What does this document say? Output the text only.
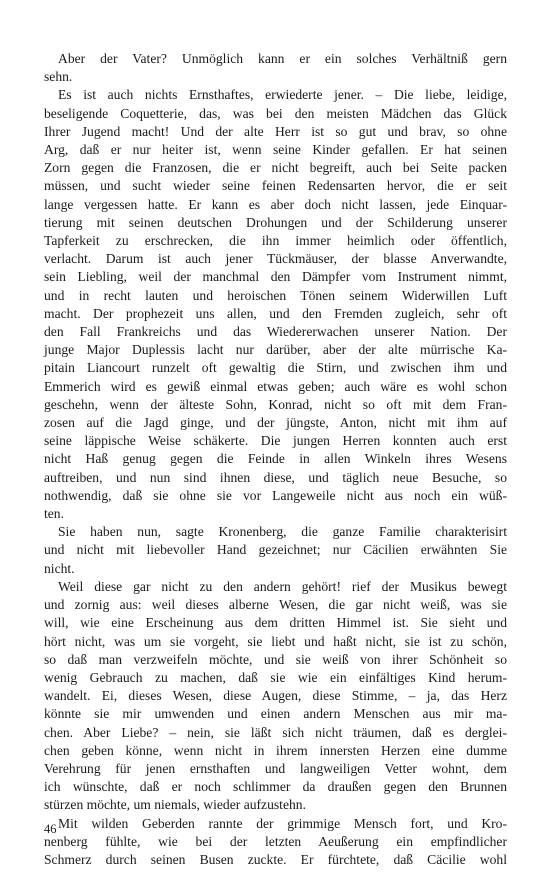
Aber der Vater? Unmöglich kann er ein solches Verhältniß gern
sehn.
Es ist auch nichts Ernsthaftes, erwiederte jener. – Die liebe, leidige,
beseligende Coquetterie, das, was bei den meisten Mädchen das Glück
Ihrer Jugend macht! Und der alte Herr ist so gut und brav, so ohne
Arg, daß er nur heiter ist, wenn seine Kinder gefallen. Er hat seinen
Zorn gegen die Franzosen, die er nicht begreift, auch bei Seite packen
müssen, und sucht wieder seine feinen Redensarten hervor, die er seit
lange vergessen hatte. Er kann es aber doch nicht lassen, jede Einquar-
tierung mit seinen deutschen Drohungen und der Schilderung unserer
Tapferkeit zu erschrecken, die ihn immer heimlich oder öffentlich,
verlacht. Darum ist auch jener Tückmäuser, der blasse Anverwandte,
sein Liebling, weil der manchmal den Dämpfer vom Instrument nimmt,
und in recht lauten und heroischen Tönen seinem Widerwillen Luft
macht. Der prophezeit uns allen, und den Fremden zugleich, sehr oft
den Fall Frankreichs und das Wiedererwachen unserer Nation. Der
junge Major Duplessis lacht nur darüber, aber der alte mürrische Ka-
pitain Liancourt runzelt oft gewaltig die Stirn, und zwischen ihm und
Emmerich wird es gewiß einmal etwas geben; auch wäre es wohl schon
geschehn, wenn der älteste Sohn, Konrad, nicht so oft mit dem Fran-
zosen auf die Jagd ginge, und der jüngste, Anton, nicht mit ihm auf
seine läppische Weise schäkerte. Die jungen Herren konnten auch erst
nicht Haß genug gegen die Feinde in allen Winkeln ihres Wesens
auftreiben, und nun sind ihnen diese, und täglich neue Besuche, so
nothwendig, daß sie ohne sie vor Langeweile nicht aus noch ein wüß-
ten.
Sie haben nun, sagte Kronenberg, die ganze Familie charakterisirt
und nicht mit liebevoller Hand gezeichnet; nur Cäcilien erwähnten Sie
nicht.
Weil diese gar nicht zu den andern gehört! rief der Musikus bewegt
und zornig aus: weil dieses alberne Wesen, die gar nicht weiß, was sie
will, wie eine Erscheinung aus dem dritten Himmel ist. Sie sieht und
hört nicht, was um sie vorgeht, sie liebt und haßt nicht, sie ist zu schön,
so daß man verzweifeln möchte, und sie weiß von ihrer Schönheit so
wenig Gebrauch zu machen, daß sie wie ein einfältiges Kind herum-
wandelt. Ei, dieses Wesen, diese Augen, diese Stimme, – ja, das Herz
könnte sie mir umwenden und einen andern Menschen aus mir ma-
chen. Aber Liebe? – nein, sie läßt sich nicht träumen, daß es derglei-
chen geben könne, wenn nicht in ihrem innersten Herzen eine dumme
Verehrung für jenen ernsthaften und langweiligen Vetter wohnt, dem
ich wünschte, daß er noch schlimmer da draußen gegen den Brunnen
stürzen möchte, um niemals, wieder aufzustehn.
Mit wilden Geberden rannte der grimmige Mensch fort, und Kro-
nenberg fühlte, wie bei der letzten Aeußerung ein empfindlicher
Schmerz durch seinen Busen zuckte. Er fürchtete, daß Cäcilie wohl
46
